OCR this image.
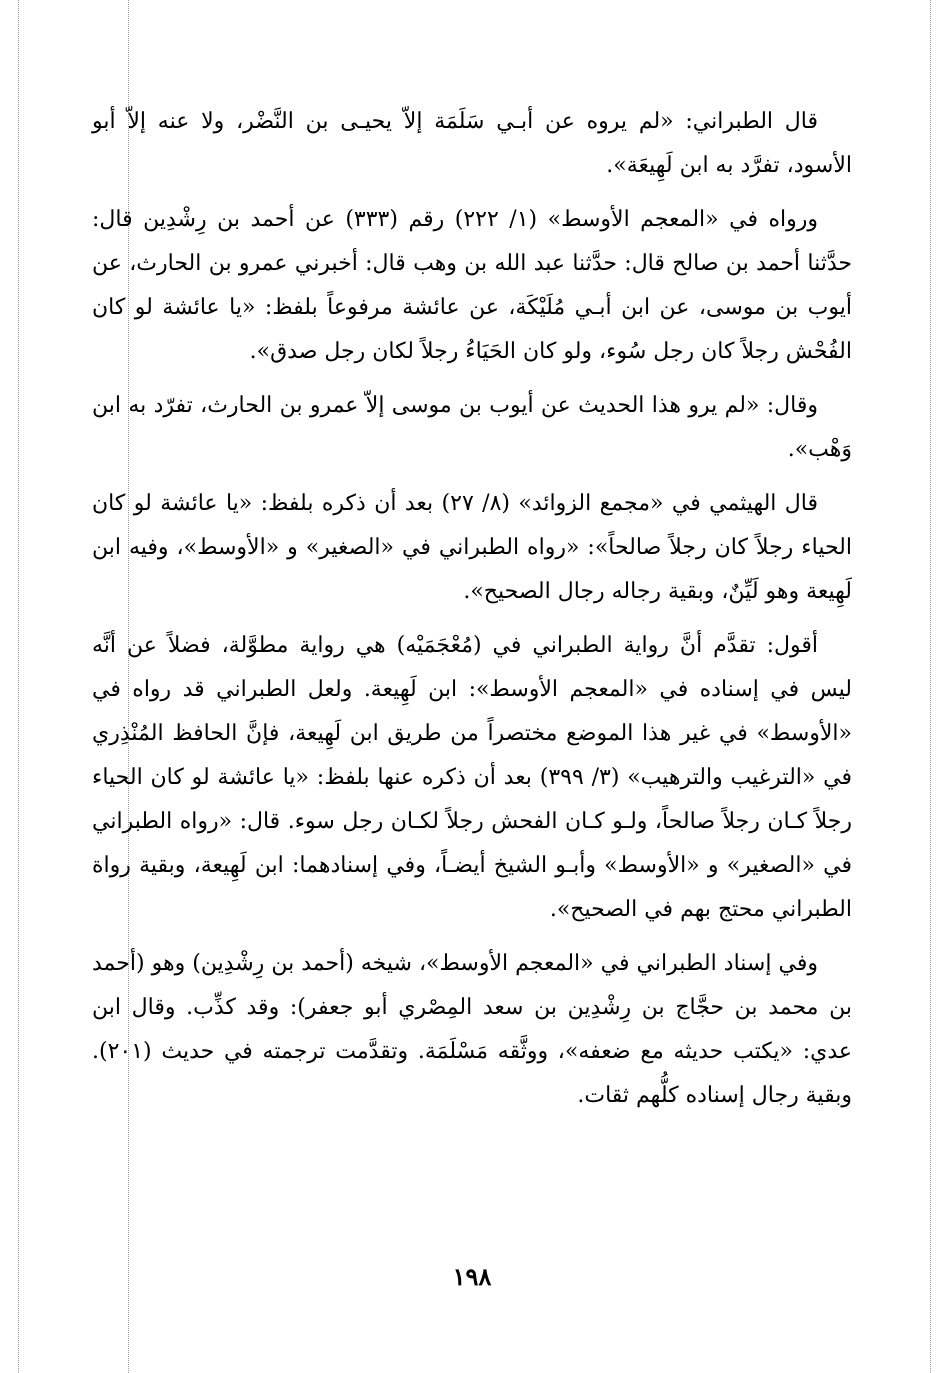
قال الطبراني: «لم يروه عن أبـي سَلَمَة إلاّ يحيـى بن النَّضْر، ولا عنه إلاّ أبو الأسود، تفرَّد به ابن لَهِيعَة».

ورواه في «المعجم الأوسط» (١/ ٢٢٢) رقم (٣٣٣) عن أحمد بن رِشْدِين قال: حدَّثنا أحمد بن صالح قال: حدَّثنا عبد الله بن وهب قال: أخبرني عمرو بن الحارث، عن أيوب بن موسى، عن ابن أبـي مُلَيْكَة، عن عائشة مرفوعاً بلفظ: «يا عائشة لو كان الفُحْش رجلاً كان رجل سُوء، ولو كان الحَيَاءُ رجلاً لكان رجل صدق».

وقال: «لم يرو هذا الحديث عن أيوب بن موسى إلاّ عمرو بن الحارث، تفرّد به ابن وَهْب».

قال الهيثمي في «مجمع الزوائد» (٨/ ٢٧) بعد أن ذكره بلفظ: «يا عائشة لو كان الحياء رجلاً كان رجلاً صالحاً»: «رواه الطبراني في «الصغير» و «الأوسط»، وفيه ابن لَهِيعة وهو لَيِّنٌ، وبقية رجاله رجال الصحيح».

أقول: تقدَّم أنَّ رواية الطبراني في (مُعْجَمَيْه) هي رواية مطوَّلة، فضلاً عن أنَّه ليس في إسناده في «المعجم الأوسط»: ابن لَهِيعة. ولعل الطبراني قد رواه في «الأوسط» في غير هذا الموضع مختصراً من طريق ابن لَهِيعة، فإنَّ الحافظ المُنْذِري في «الترغيب والترهيب» (٣/ ٣٩٩) بعد أن ذكره عنها بلفظ: «يا عائشة لو كان الحياء رجلاً كـان رجلاً صالحاً، ولـو كـان الفحش رجلاً لكـان رجل سوء. قال: «رواه الطبراني في «الصغير» و «الأوسط» وأبـو الشيخ أيضـاً، وفي إسنادهما: ابن لَهِيعة، وبقية رواة الطبراني محتج بهم في الصحيح».

وفي إسناد الطبراني في «المعجم الأوسط»، شيخه (أحمد بن رِشْدِين) وهو (أحمد بن محمد بن حجَّاج بن رِشْدِين بن سعد المِصْري أبو جعفر): وقد كذِّب. وقال ابن عدي: «يكتب حديثه مع ضعفه»، ووثَّقه مَسْلَمَة. وتقدَّمت ترجمته في حديث (٢٠١). وبقية رجال إسناده كلُّهم ثقات.

١٩٨
